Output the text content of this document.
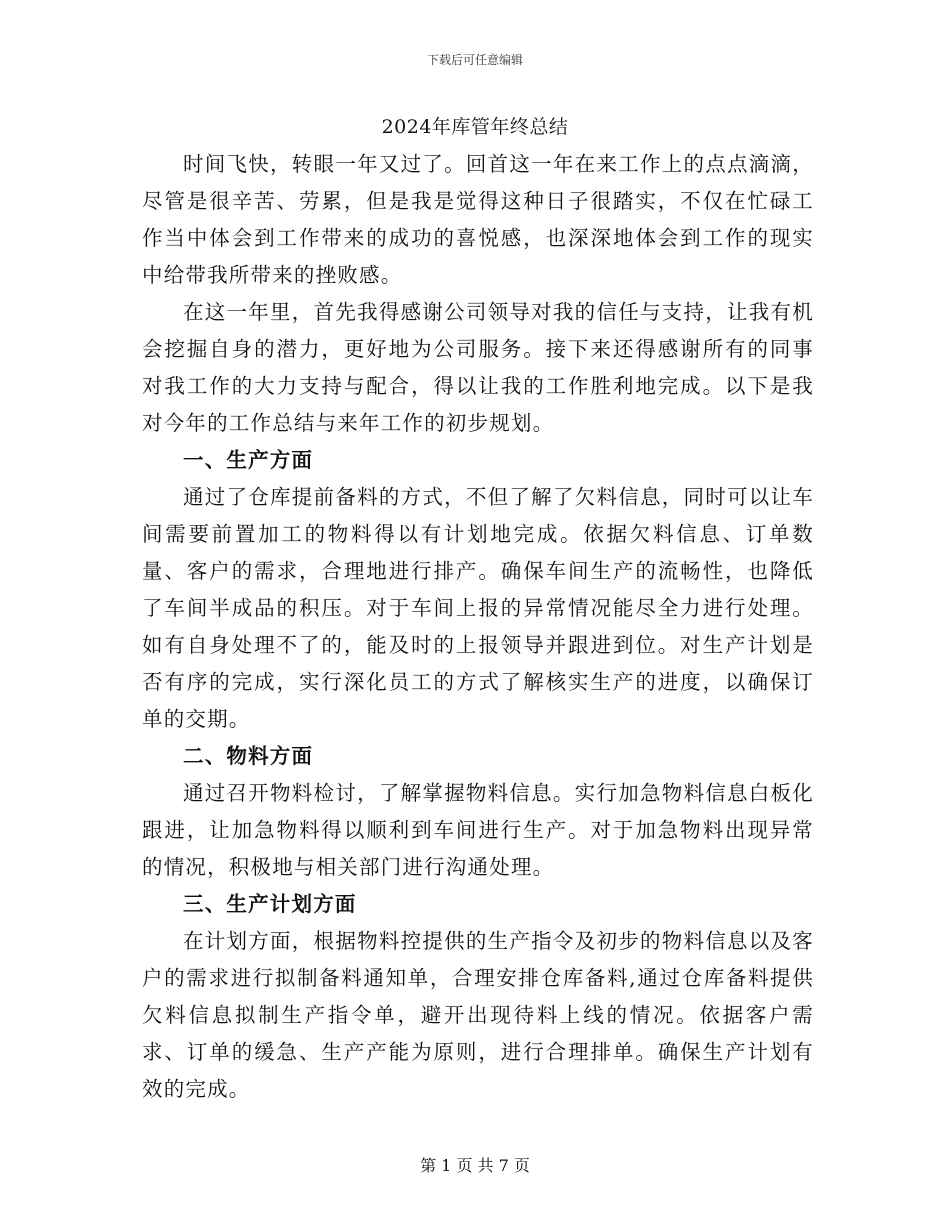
下载后可任意编辑
2024年库管年终总结

时间飞快，转眼一年又过了。回首这一年在来工作上的点点滴滴，尽管是很辛苦、劳累，但是我是觉得这种日子很踏实，不仅在忙碌工作当中体会到工作带来的成功的喜悦感，也深深地体会到工作的现实中给带我所带来的挫败感。

在这一年里，首先我得感谢公司领导对我的信任与支持，让我有机会挖掘自身的潜力，更好地为公司服务。接下来还得感谢所有的同事对我工作的大力支持与配合，得以让我的工作胜利地完成。以下是我对今年的工作总结与来年工作的初步规划。

一、生产方面

通过了仓库提前备料的方式，不但了解了欠料信息，同时可以让车间需要前置加工的物料得以有计划地完成。依据欠料信息、订单数量、客户的需求，合理地进行排产。确保车间生产的流畅性，也降低了车间半成品的积压。对于车间上报的异常情况能尽全力进行处理。如有自身处理不了的，能及时的上报领导并跟进到位。对生产计划是否有序的完成，实行深化员工的方式了解核实生产的进度，以确保订单的交期。

二、物料方面

通过召开物料检讨，了解掌握物料信息。实行加急物料信息白板化跟进，让加急物料得以顺利到车间进行生产。对于加急物料出现异常的情况，积极地与相关部门进行沟通处理。

三、生产计划方面

在计划方面，根据物料控提供的生产指令及初步的物料信息以及客户的需求进行拟制备料通知单，合理安排仓库备料,通过仓库备料提供欠料信息拟制生产指令单，避开出现待料上线的情况。依据客户需求、订单的缓急、生产产能为原则，进行合理排单。确保生产计划有效的完成。

第 1 页 共 7 页
